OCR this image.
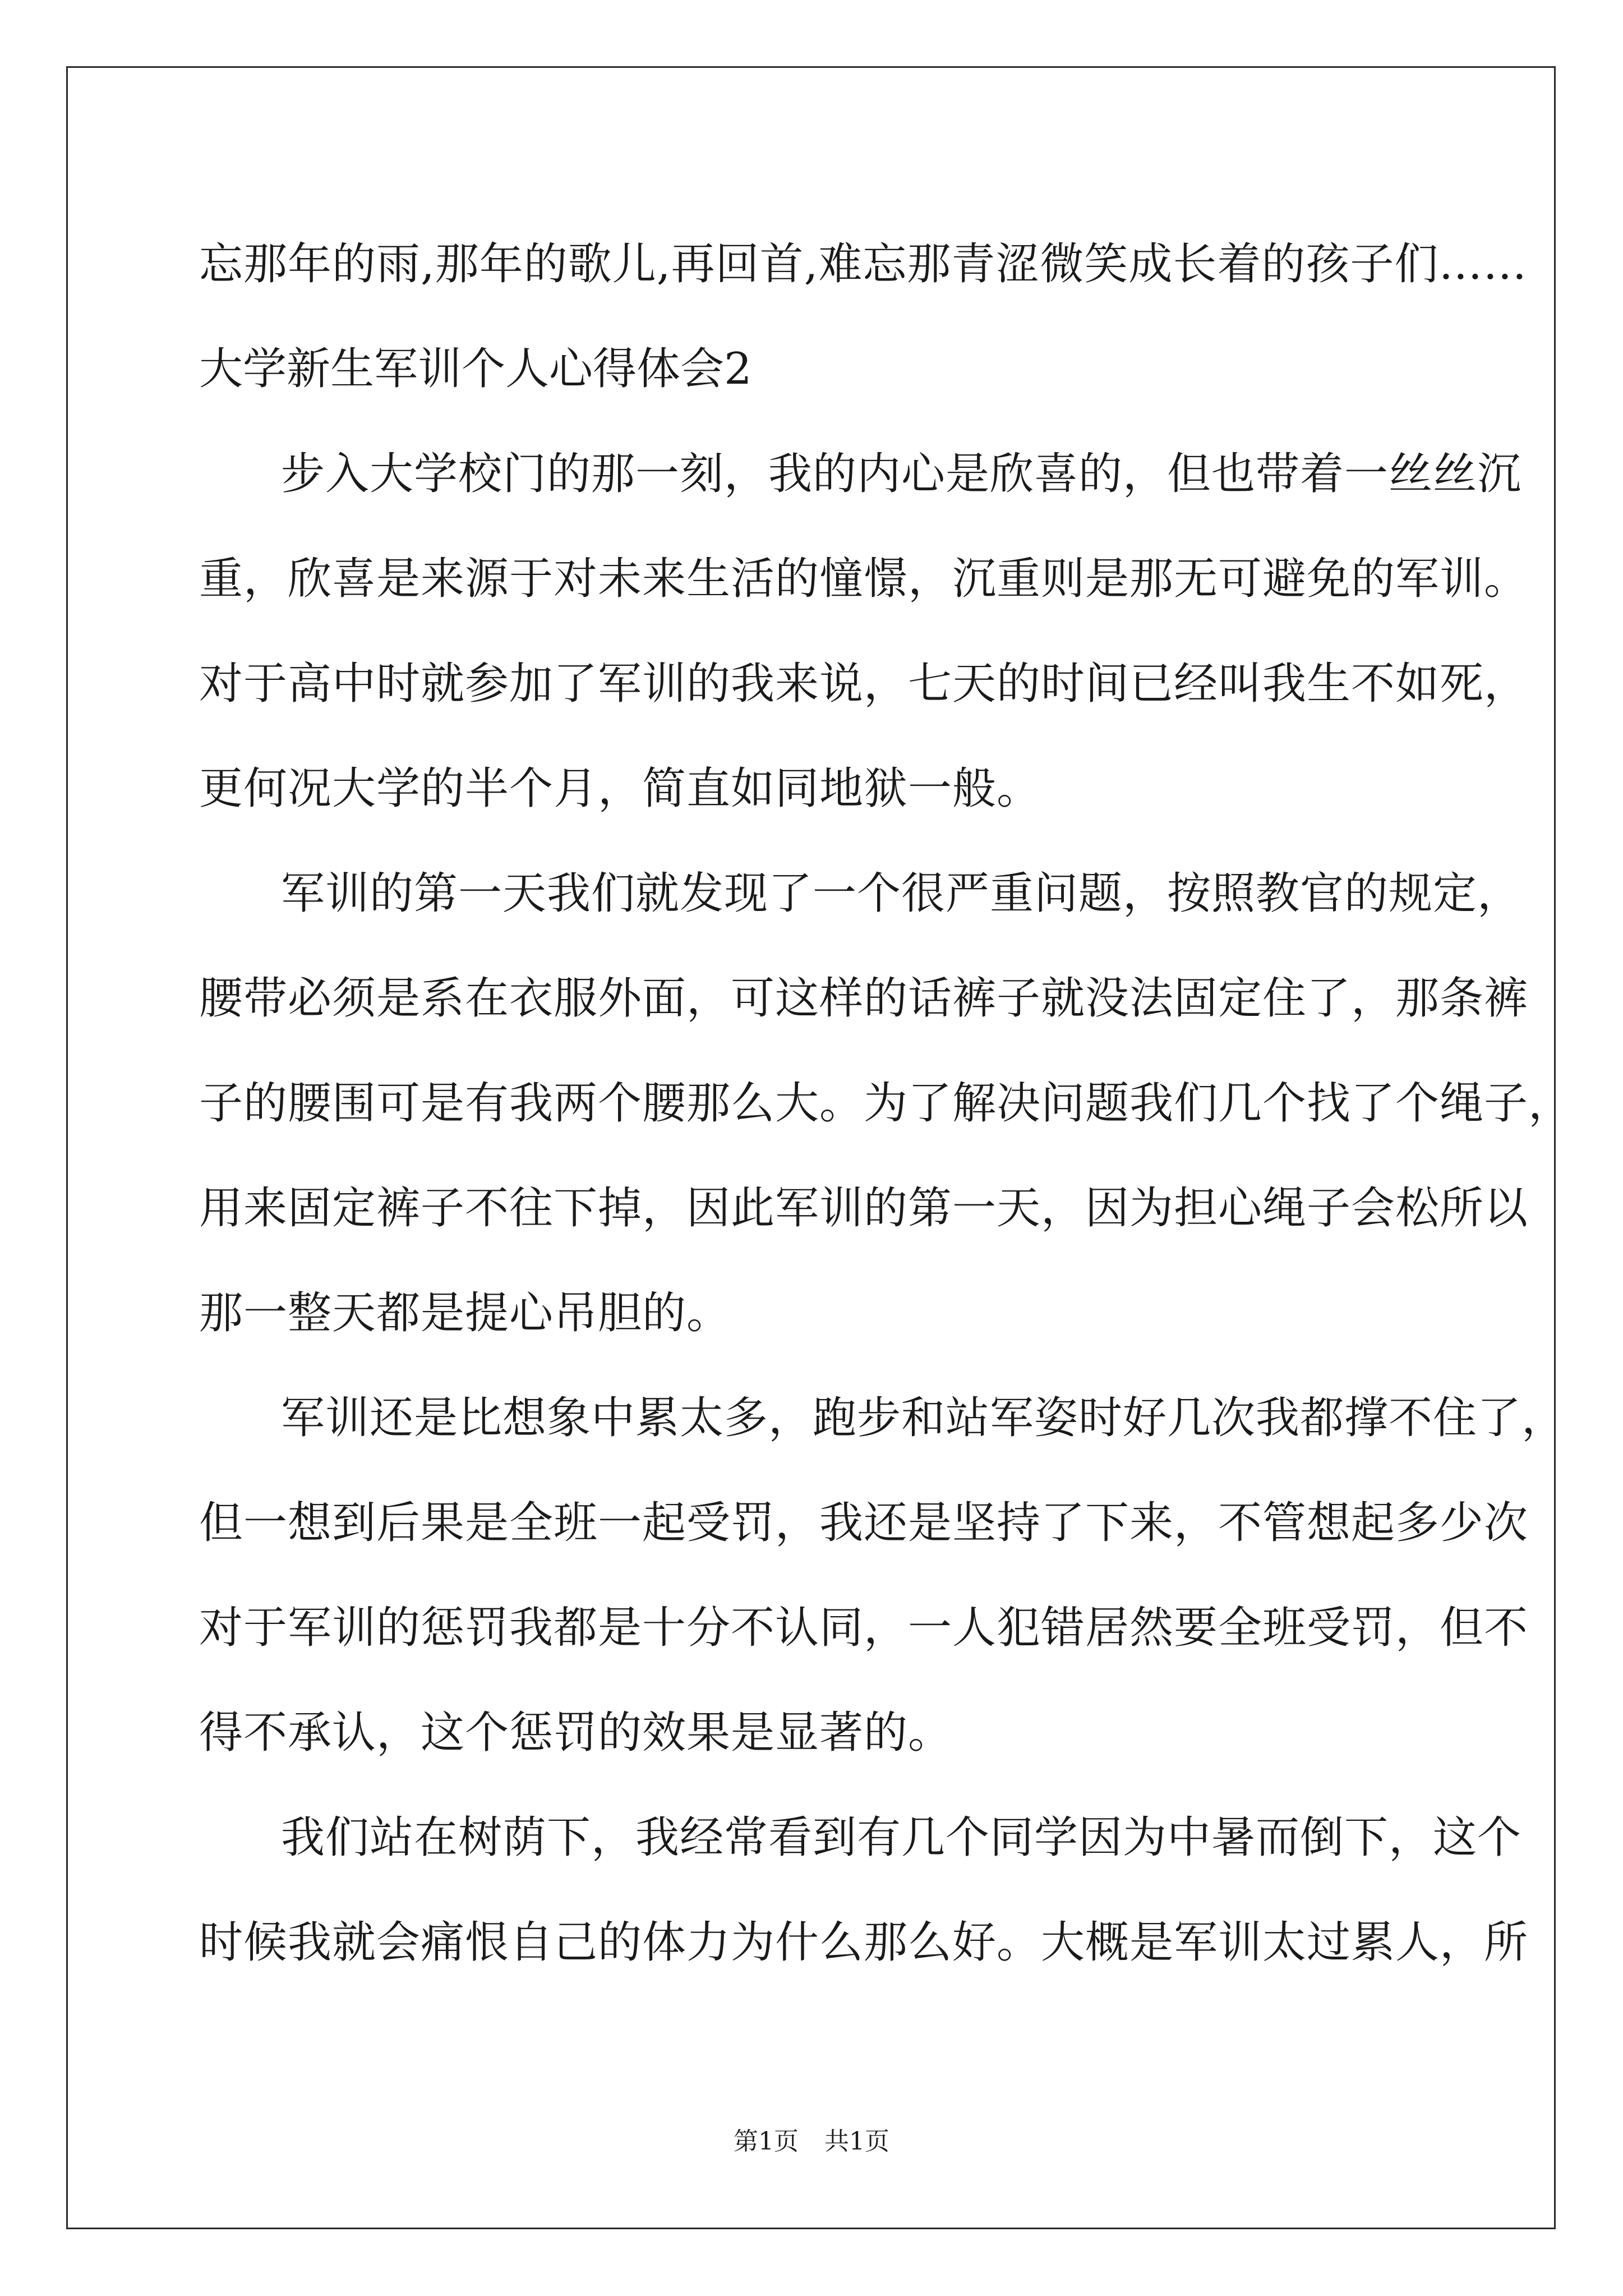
忘那年的雨,那年的歌儿,再回首,难忘那青涩微笑成长着的孩子们……
大学新生军训个人心得体会2
步入大学校门的那一刻，我的内心是欣喜的，但也带着一丝丝沉
重，欣喜是来源于对未来生活的憧憬，沉重则是那无可避免的军训。
对于高中时就参加了军训的我来说，七天的时间已经叫我生不如死，
更何况大学的半个月，简直如同地狱一般。
军训的第一天我们就发现了一个很严重问题，按照教官的规定，
腰带必须是系在衣服外面，可这样的话裤子就没法固定住了，那条裤
子的腰围可是有我两个腰那么大。为了解决问题我们几个找了个绳子，
用来固定裤子不往下掉，因此军训的第一天，因为担心绳子会松所以
那一整天都是提心吊胆的。
军训还是比想象中累太多，跑步和站军姿时好几次我都撑不住了，
但一想到后果是全班一起受罚，我还是坚持了下来，不管想起多少次
对于军训的惩罚我都是十分不认同，一人犯错居然要全班受罚，但不
得不承认，这个惩罚的效果是显著的。
我们站在树荫下，我经常看到有几个同学因为中暑而倒下，这个
时候我就会痛恨自己的体力为什么那么好。大概是军训太过累人，所
第1页 共1页
